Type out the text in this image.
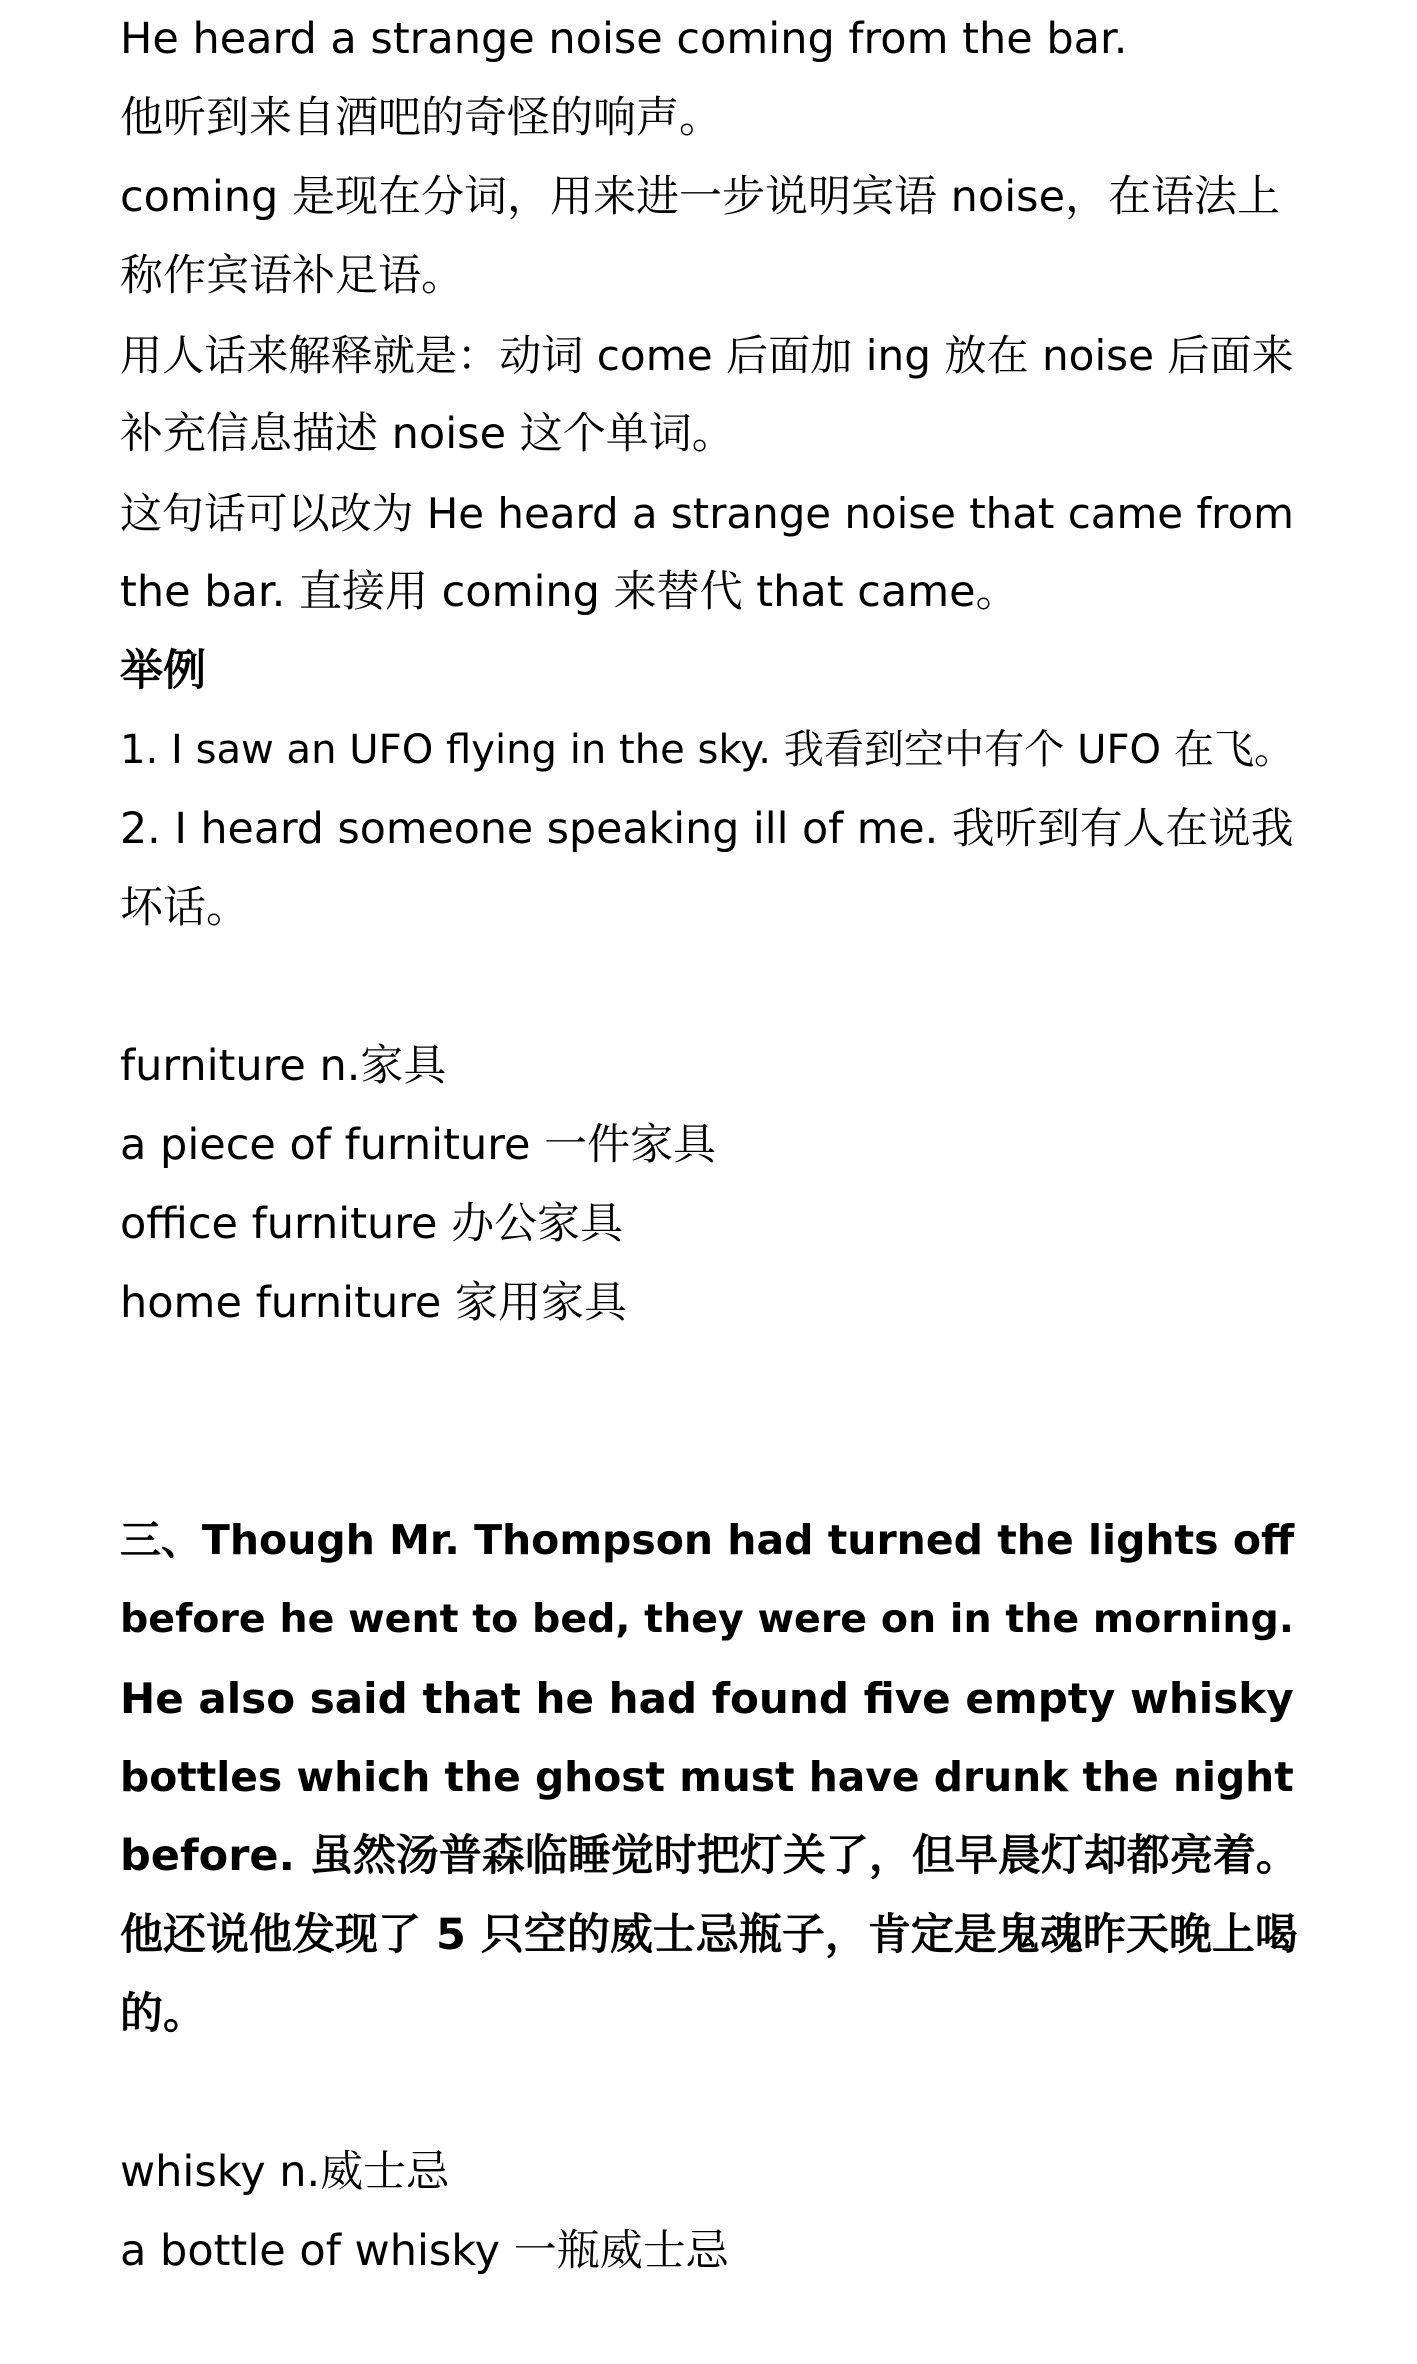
He heard a strange noise coming from the bar.
他听到来自酒吧的奇怪的响声。
coming 是现在分词，用来进一步说明宾语 noise，在语法上
称作宾语补足语。
用人话来解释就是：动词 come 后面加 ing 放在 noise 后面来
补充信息描述 noise 这个单词。
这句话可以改为 He heard a strange noise that came from
the bar. 直接用 coming 来替代 that came。
举例
1. I saw an UFO flying in the sky. 我看到空中有个 UFO 在飞。
2. I heard someone speaking ill of me. 我听到有人在说我
坏话。
furniture n.家具
a piece of furniture 一件家具
office furniture 办公家具
home furniture 家用家具
三、Though Mr. Thompson had turned the lights off
before he went to bed, they were on in the morning.
He also said that he had found five empty whisky
bottles which the ghost must have drunk the night
before. 虽然汤普森临睡觉时把灯关了，但早晨灯却都亮着。
他还说他发现了 5 只空的威士忌瓶子，肯定是鬼魂昨天晚上喝
的。
whisky n.威士忌
a bottle of whisky 一瓶威士忌
